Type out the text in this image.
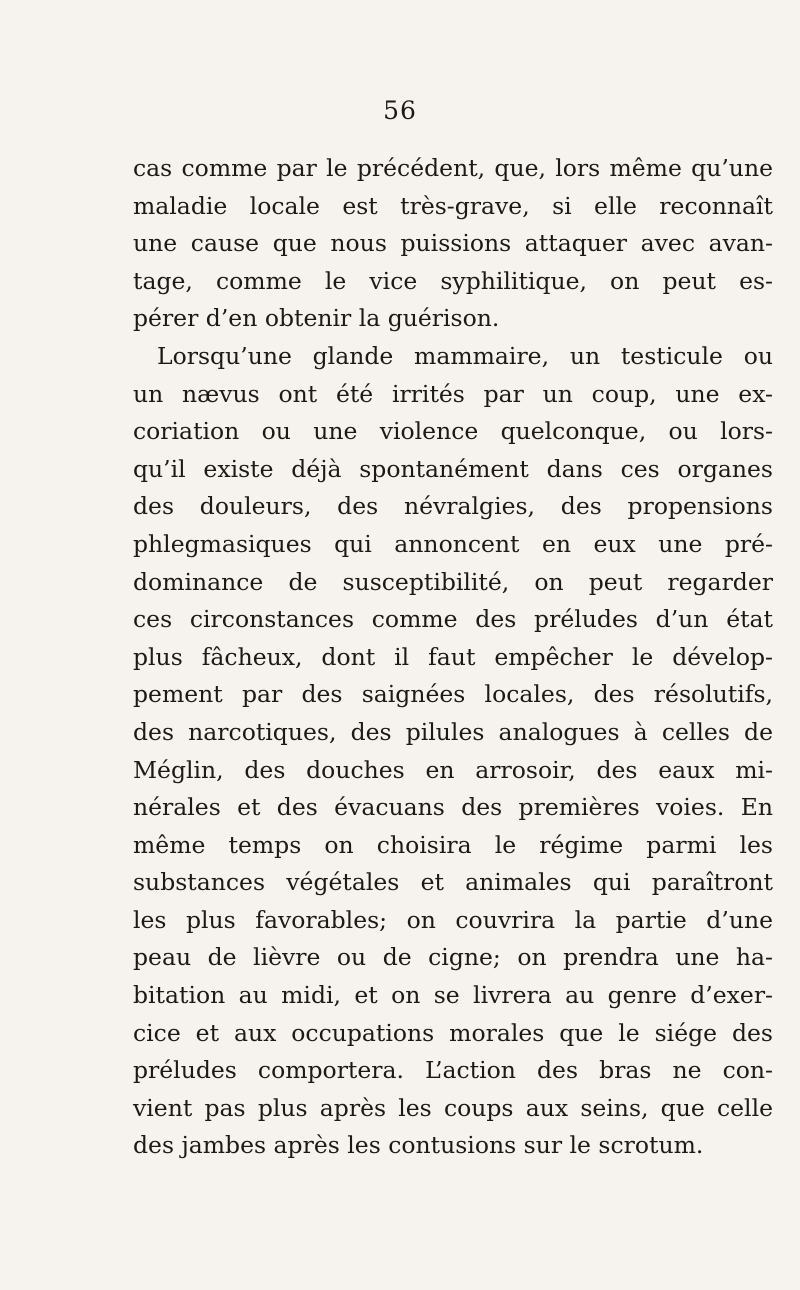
56
cas comme par le précédent, que, lors même qu’une
maladie locale est très-grave, si elle reconnaît
une cause que nous puissions attaquer avec avan-
tage, comme le vice syphilitique, on peut es-
pérer d’en obtenir la guérison.
Lorsqu’une glande mammaire, un testicule ou
un nævus ont été irrités par un coup, une ex-
coriation ou une violence quelconque, ou lors-
qu’il existe déjà spontanément dans ces organes
des douleurs, des névralgies, des propensions
phlegmasiques qui annoncent en eux une pré-
dominance de susceptibilité, on peut regarder
ces circonstances comme des préludes d’un état
plus fâcheux, dont il faut empêcher le dévelop-
pement par des saignées locales, des résolutifs,
des narcotiques, des pilules analogues à celles de
Méglin, des douches en arrosoir, des eaux mi-
nérales et des évacuans des premières voies. En
même temps on choisira le régime parmi les
substances végétales et animales qui paraîtront
les plus favorables; on couvrira la partie d’une
peau de lièvre ou de cigne; on prendra une ha-
bitation au midi, et on se livrera au genre d’exer-
cice et aux occupations morales que le siége des
préludes comportera. L’action des bras ne con-
vient pas plus après les coups aux seins, que celle
des jambes après les contusions sur le scrotum.
